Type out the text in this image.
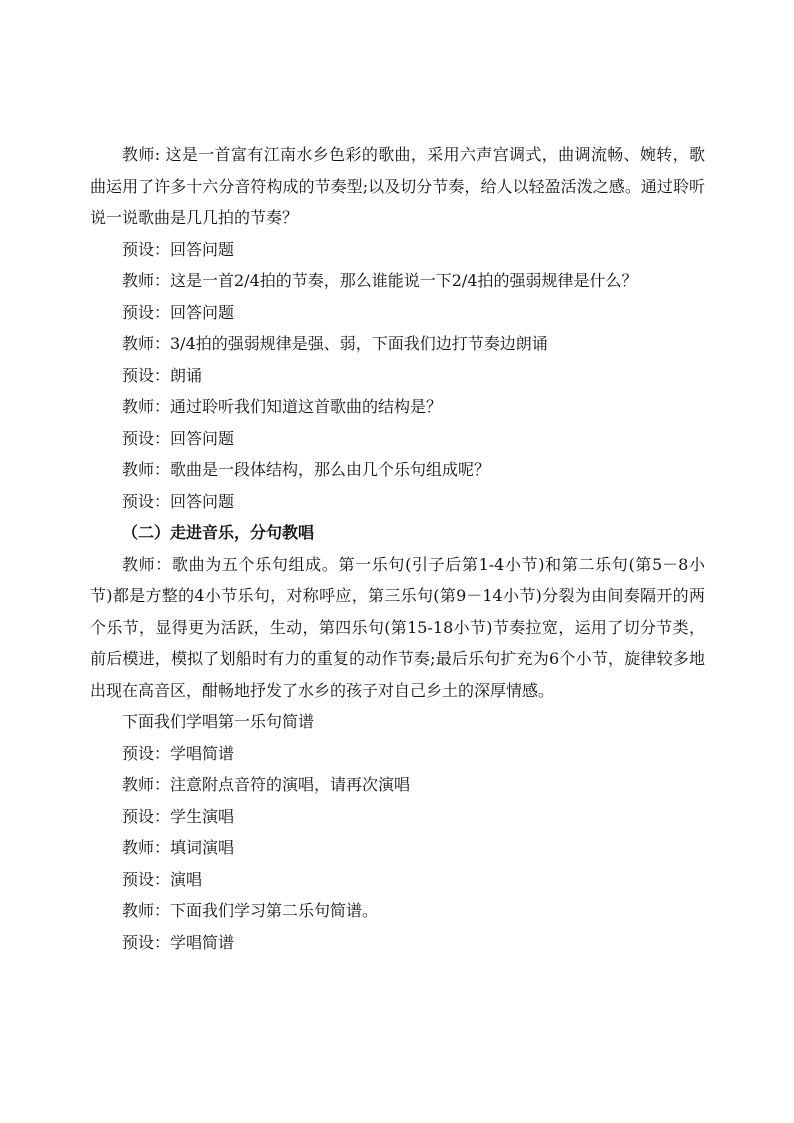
教师: 这是一首富有江南水乡色彩的歌曲，采用六声宫调式，曲调流畅、婉转，歌曲运用了许多十六分音符构成的节奏型;以及切分节奏，给人以轻盈活泼之感。通过聆听说一说歌曲是几几拍的节奏？

预设：回答问题

教师：这是一首2/4拍的节奏，那么谁能说一下2/4拍的强弱规律是什么？

预设：回答问题

教师：3/4拍的强弱规律是强、弱，下面我们边打节奏边朗诵

预设：朗诵

教师：通过聆听我们知道这首歌曲的结构是？

预设：回答问题

教师：歌曲是一段体结构，那么由几个乐句组成呢？

预设：回答问题

（二）走进音乐，分句教唱

教师：歌曲为五个乐句组成。第一乐句(引子后第1-4小节)和第二乐句(第5－8小节)都是方整的4小节乐句，对称呼应，第三乐句(第9－14小节)分裂为由间奏隔开的两个乐节，显得更为活跃，生动，第四乐句(第15-18小节)节奏拉宽，运用了切分节类，前后模进，模拟了划船时有力的重复的动作节奏;最后乐句扩充为6个小节，旋律较多地出现在高音区，酣畅地抒发了水乡的孩子对自己乡土的深厚情感。

下面我们学唱第一乐句简谱

预设：学唱简谱

教师：注意附点音符的演唱，请再次演唱

预设：学生演唱

教师：填词演唱

预设：演唱

教师：下面我们学习第二乐句简谱。

预设：学唱简谱
